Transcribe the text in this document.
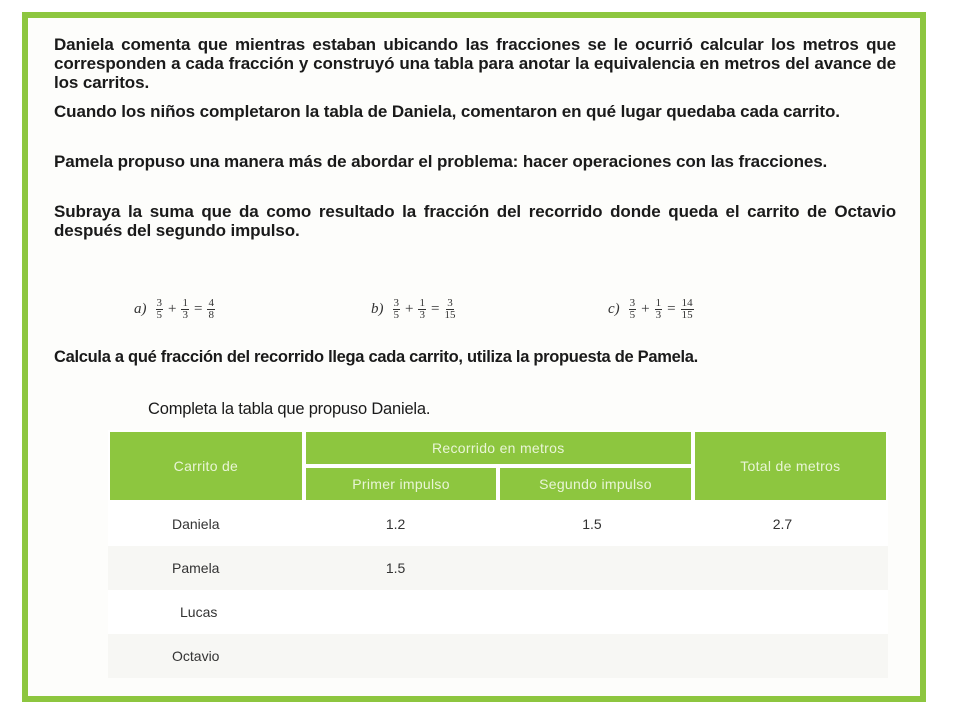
Daniela comenta que mientras estaban ubicando las fracciones se le ocurrió calcular los metros que corresponden a cada fracción y construyó una tabla para anotar la equivalencia en metros del avance de los carritos.

Cuando los niños completaron la tabla de Daniela, comentaron en qué lugar quedaba cada carrito.

Pamela propuso una manera más de abordar el problema: hacer operaciones con las fracciones.

Subraya la suma que da como resultado la fracción del recorrido donde queda el carrito de Octavio después del segundo impulso.

$a) \frac{3}{5} + \frac{1}{3} = \frac{4}{8}$	$b) \frac{3}{5} + \frac{1}{3} = \frac{3}{15}$	$c) \frac{3}{5} + \frac{1}{3} = \frac{14}{15}$

Calcula a qué fracción del recorrido llega cada carrito, utiliza la propuesta de Pamela.

Completa la tabla que propuso Daniela.

Carrito de	Recorrido en metros		Total de metros
	Primer impulso	Segundo impulso	
Daniela	1.2	1.5	2.7
Pamela	1.5		
Lucas			
Octavio			
